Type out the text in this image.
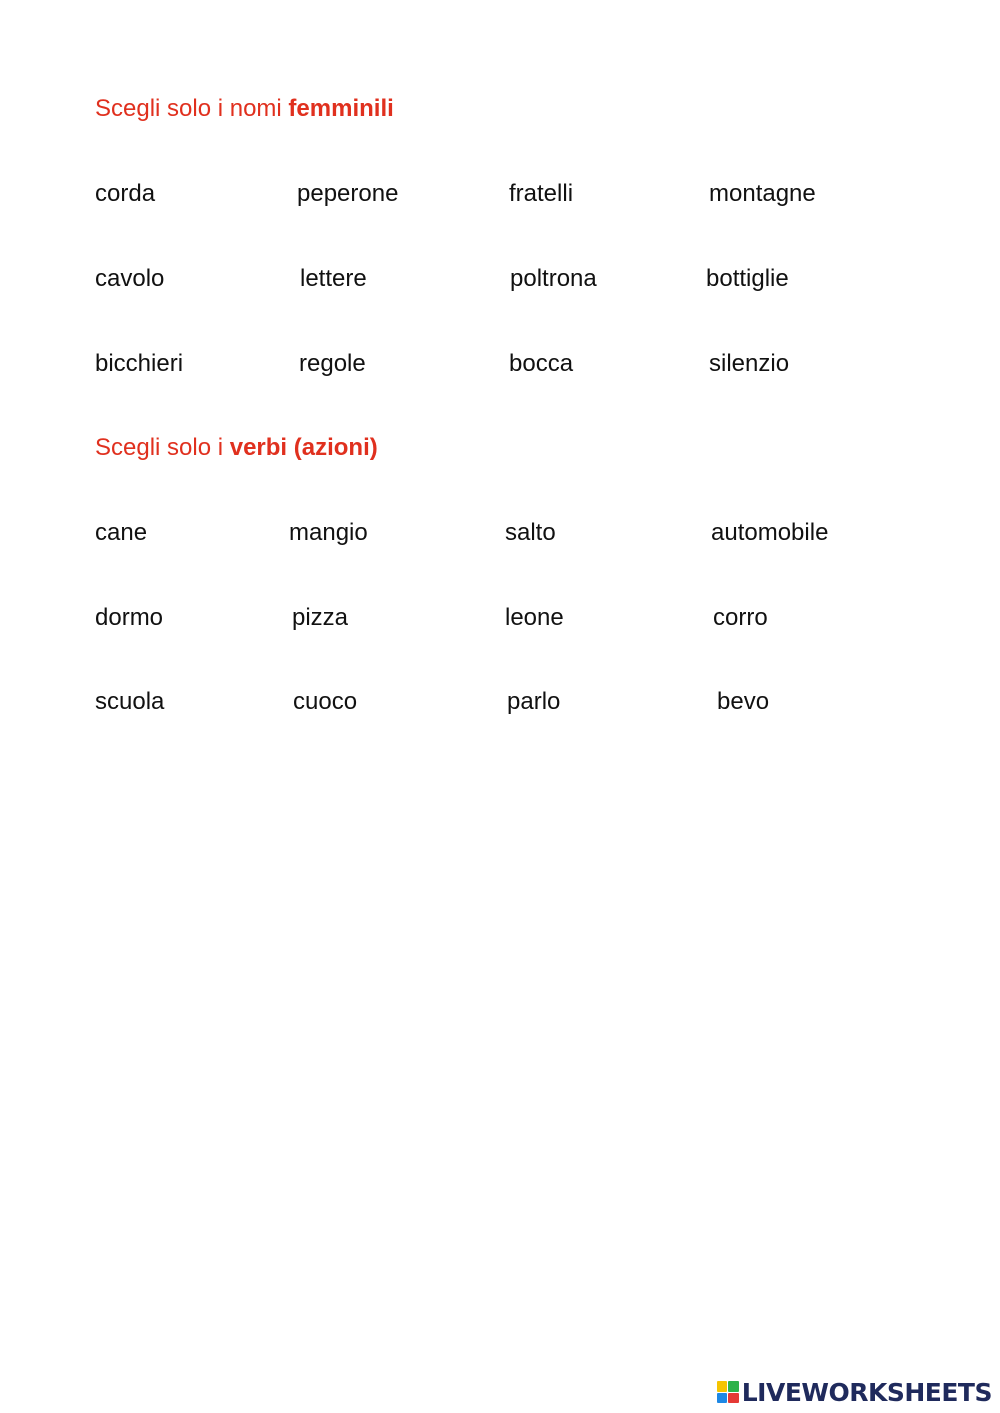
Scegli solo i nomi femminili
corda	peperone	fratelli	montagne
cavolo	lettere	poltrona	bottiglie
bicchieri	regole	bocca	silenzio
Scegli solo i verbi (azioni)
cane	mangio	salto	automobile
dormo	pizza	leone	corro
scuola	cuoco	parlo	bevo
LIVEWORKSHEETS
